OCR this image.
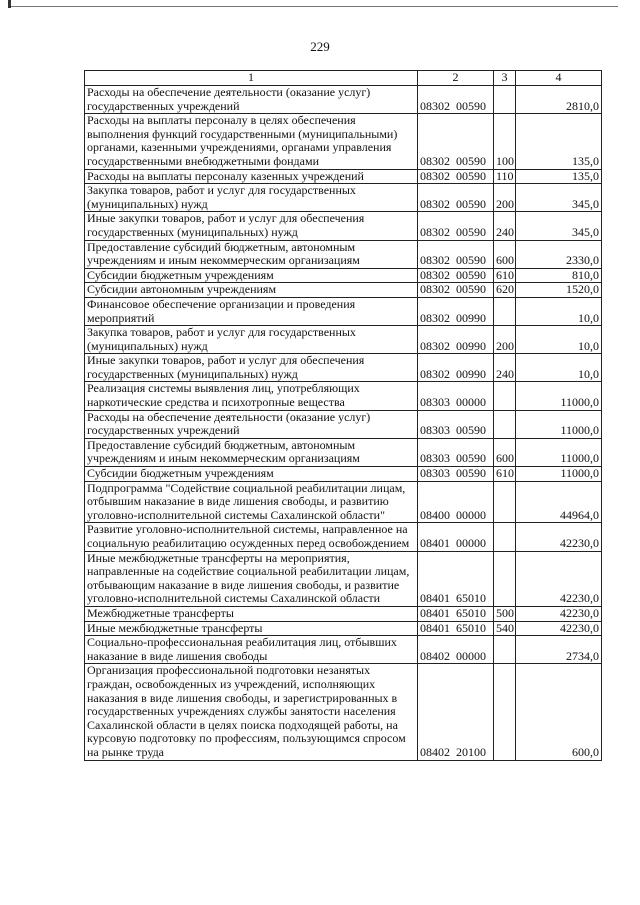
229
1	2	3	4
Расходы на обеспечение деятельности (оказание услуг) государственных учреждений	08302  00590		2810,0
Расходы на выплаты персоналу в целях обеспечения выполнения функций государственными (муниципальными) органами, казенными учреждениями, органами управления государственными внебюджетными фондами	08302  00590	100	135,0
Расходы на выплаты персоналу казенных учреждений	08302  00590	110	135,0
Закупка товаров, работ и услуг для государственных (муниципальных) нужд	08302  00590	200	345,0
Иные закупки товаров, работ и услуг для обеспечения государственных (муниципальных) нужд	08302  00590	240	345,0
Предоставление субсидий бюджетным, автономным учреждениям и иным некоммерческим организациям	08302  00590	600	2330,0
Субсидии бюджетным учреждениям	08302  00590	610	810,0
Субсидии автономным учреждениям	08302  00590	620	1520,0
Финансовое обеспечение организации и проведения мероприятий	08302  00990		10,0
Закупка товаров, работ и услуг для государственных (муниципальных) нужд	08302  00990	200	10,0
Иные закупки товаров, работ и услуг для обеспечения государственных (муниципальных) нужд	08302  00990	240	10,0
Реализация системы выявления лиц, употребляющих наркотические средства и психотропные вещества	08303  00000		11000,0
Расходы на обеспечение деятельности (оказание услуг) государственных учреждений	08303  00590		11000,0
Предоставление субсидий бюджетным, автономным учреждениям и иным некоммерческим организациям	08303  00590	600	11000,0
Субсидии бюджетным учреждениям	08303  00590	610	11000,0
Подпрограмма "Содействие социальной реабилитации лицам, отбывшим наказание в виде лишения свободы, и развитию уголовно-исполнительной системы Сахалинской области"	08400  00000		44964,0
Развитие уголовно-исполнительной системы, направленное на социальную реабилитацию осужденных перед освобождением	08401  00000		42230,0
Иные межбюджетные трансферты на мероприятия, направленные на содействие социальной реабилитации лицам, отбывающим наказание в виде лишения свободы, и развитие уголовно-исполнительной системы Сахалинской области	08401  65010		42230,0
Межбюджетные трансферты	08401  65010	500	42230,0
Иные межбюджетные трансферты	08401  65010	540	42230,0
Социально-профессиональная реабилитация лиц, отбывших наказание в виде лишения свободы	08402  00000		2734,0
Организация профессиональной подготовки незанятых граждан, освобожденных из учреждений, исполняющих наказания в виде лишения свободы, и зарегистрированных в государственных учреждениях службы занятости населения Сахалинской области в целях поиска подходящей работы, на курсовую подготовку по профессиям, пользующимся спросом на рынке труда	08402  20100		600,0
